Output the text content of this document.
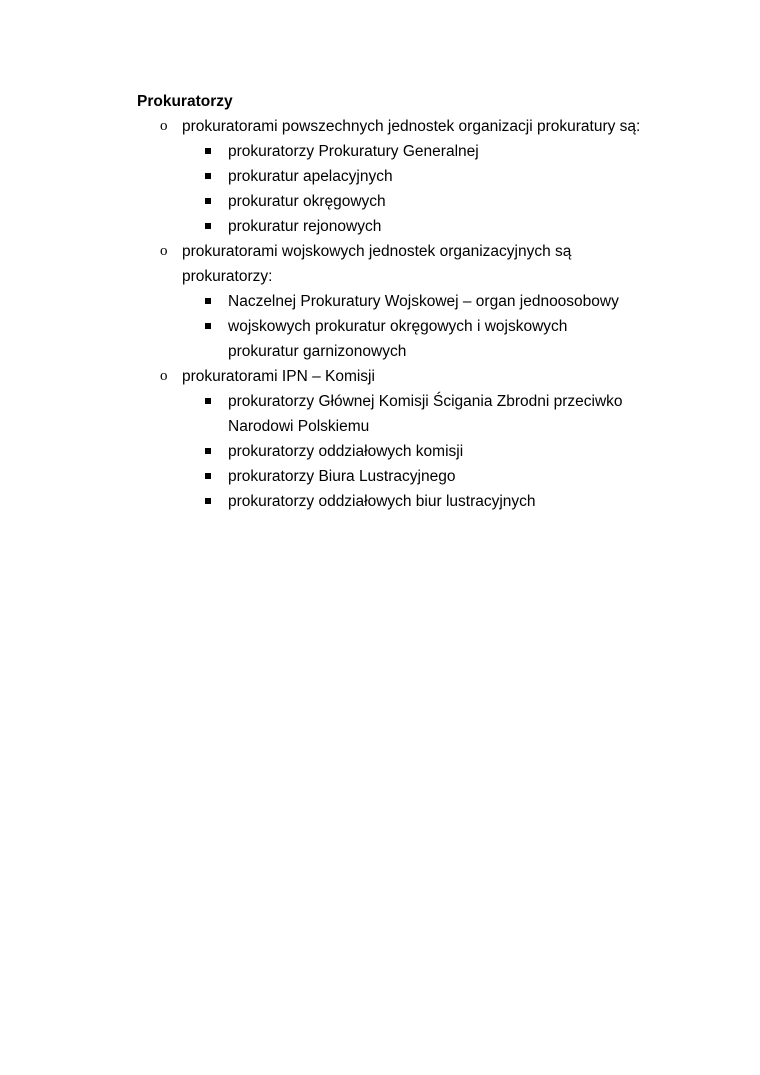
Prokuratorzy

o prokuratorami powszechnych jednostek organizacji prokuratury są:
prokuratorzy Prokuratury Generalnej
prokuratur apelacyjnych
prokuratur okręgowych
prokuratur rejonowych
o prokuratorami wojskowych jednostek organizacyjnych są prokuratorzy:
Naczelnej Prokuratury Wojskowej – organ jednoosobowy
wojskowych prokuratur okręgowych i wojskowych prokuratur garnizonowych
o prokuratorami IPN – Komisji
prokuratorzy Głównej Komisji Ścigania Zbrodni przeciwko Narodowi Polskiemu
prokuratorzy oddziałowych komisji
prokuratorzy Biura Lustracyjnego
prokuratorzy oddziałowych biur lustracyjnych
